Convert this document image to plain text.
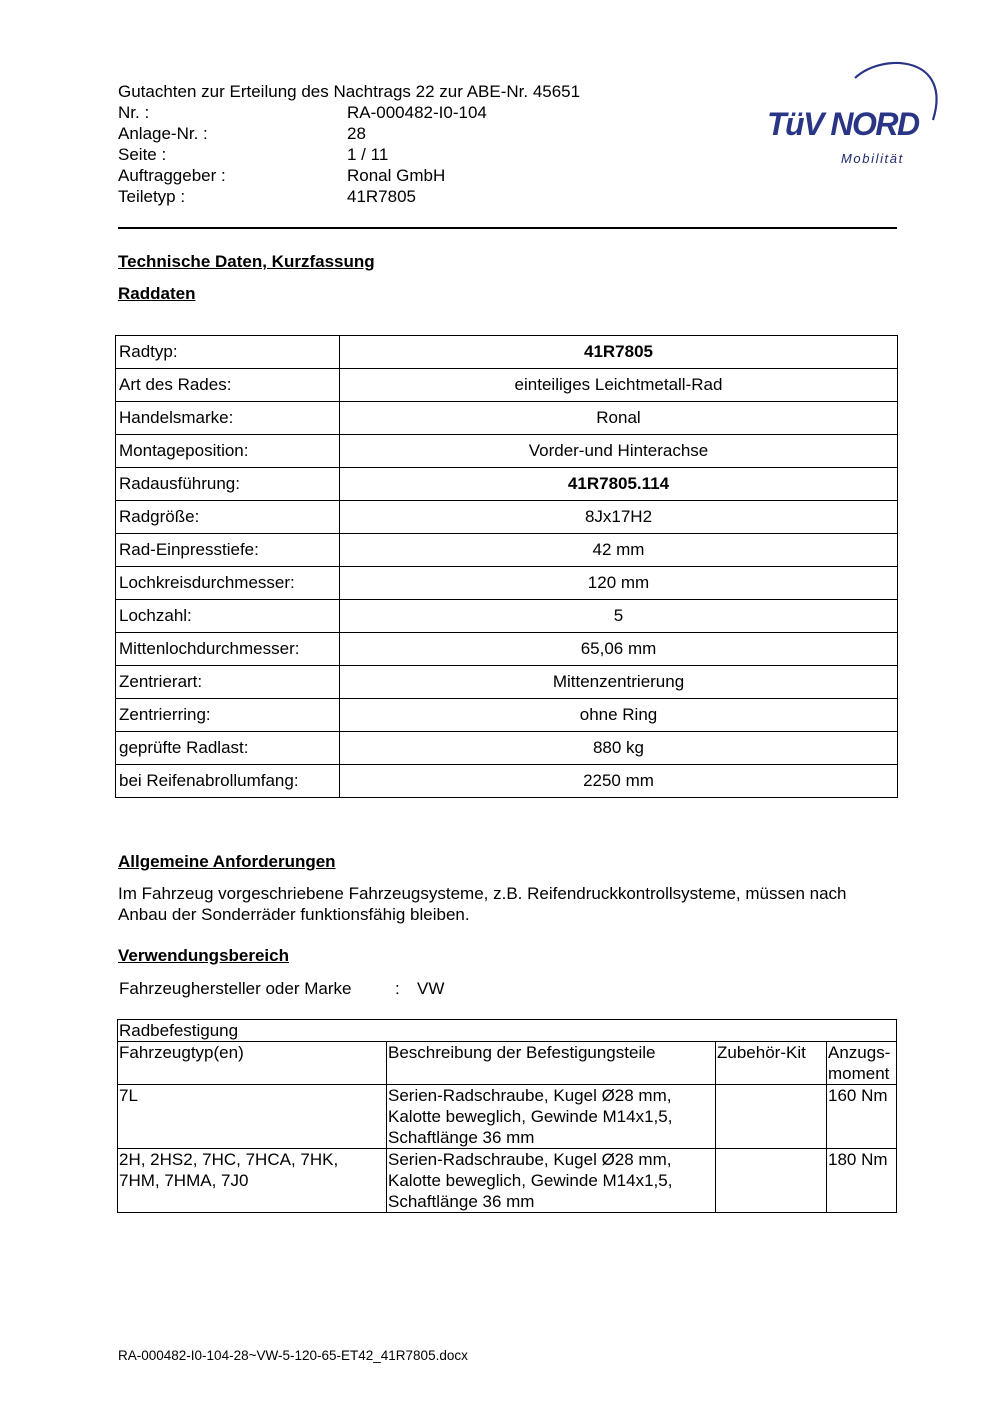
Gutachten zur Erteilung des Nachtrags 22 zur ABE-Nr. 45651
Nr. :	RA-000482-I0-104
Anlage-Nr. :	28
Seite :	1 / 11
Auftraggeber :	Ronal GmbH
Teiletyp :	41R7805
TüV NORD
Mobilität
Technische Daten, Kurzfassung
Raddaten
Radtyp:	41R7805
Art des Rades:	einteiliges Leichtmetall-Rad
Handelsmarke:	Ronal
Montageposition:	Vorder-und Hinterachse
Radausführung:	41R7805.114
Radgröße:	8Jx17H2
Rad-Einpresstiefe:	42 mm
Lochkreisdurchmesser:	120 mm
Lochzahl:	5
Mittenlochdurchmesser:	65,06 mm
Zentrierart:	Mittenzentrierung
Zentrierring:	ohne Ring
geprüfte Radlast:	880 kg
bei Reifenabrollumfang:	2250 mm
Allgemeine Anforderungen
Im Fahrzeug vorgeschriebene Fahrzeugsysteme, z.B. Reifendruckkontrollsysteme, müssen nach Anbau der Sonderräder funktionsfähig bleiben.
Verwendungsbereich
Fahrzeughersteller oder Marke	:	VW
Radbefestigung			
Fahrzeugtyp(en)	Beschreibung der Befestigungsteile	Zubehör-Kit	Anzugs-
moment
7L	Serien-Radschraube, Kugel Ø28 mm,
Kalotte beweglich, Gewinde M14x1,5,
Schaftlänge 36 mm		160 Nm
2H, 2HS2, 7HC, 7HCA, 7HK,
7HM, 7HMA, 7J0	Serien-Radschraube, Kugel Ø28 mm,
Kalotte beweglich, Gewinde M14x1,5,
Schaftlänge 36 mm		180 Nm
RA-000482-I0-104-28~VW-5-120-65-ET42_41R7805.docx
